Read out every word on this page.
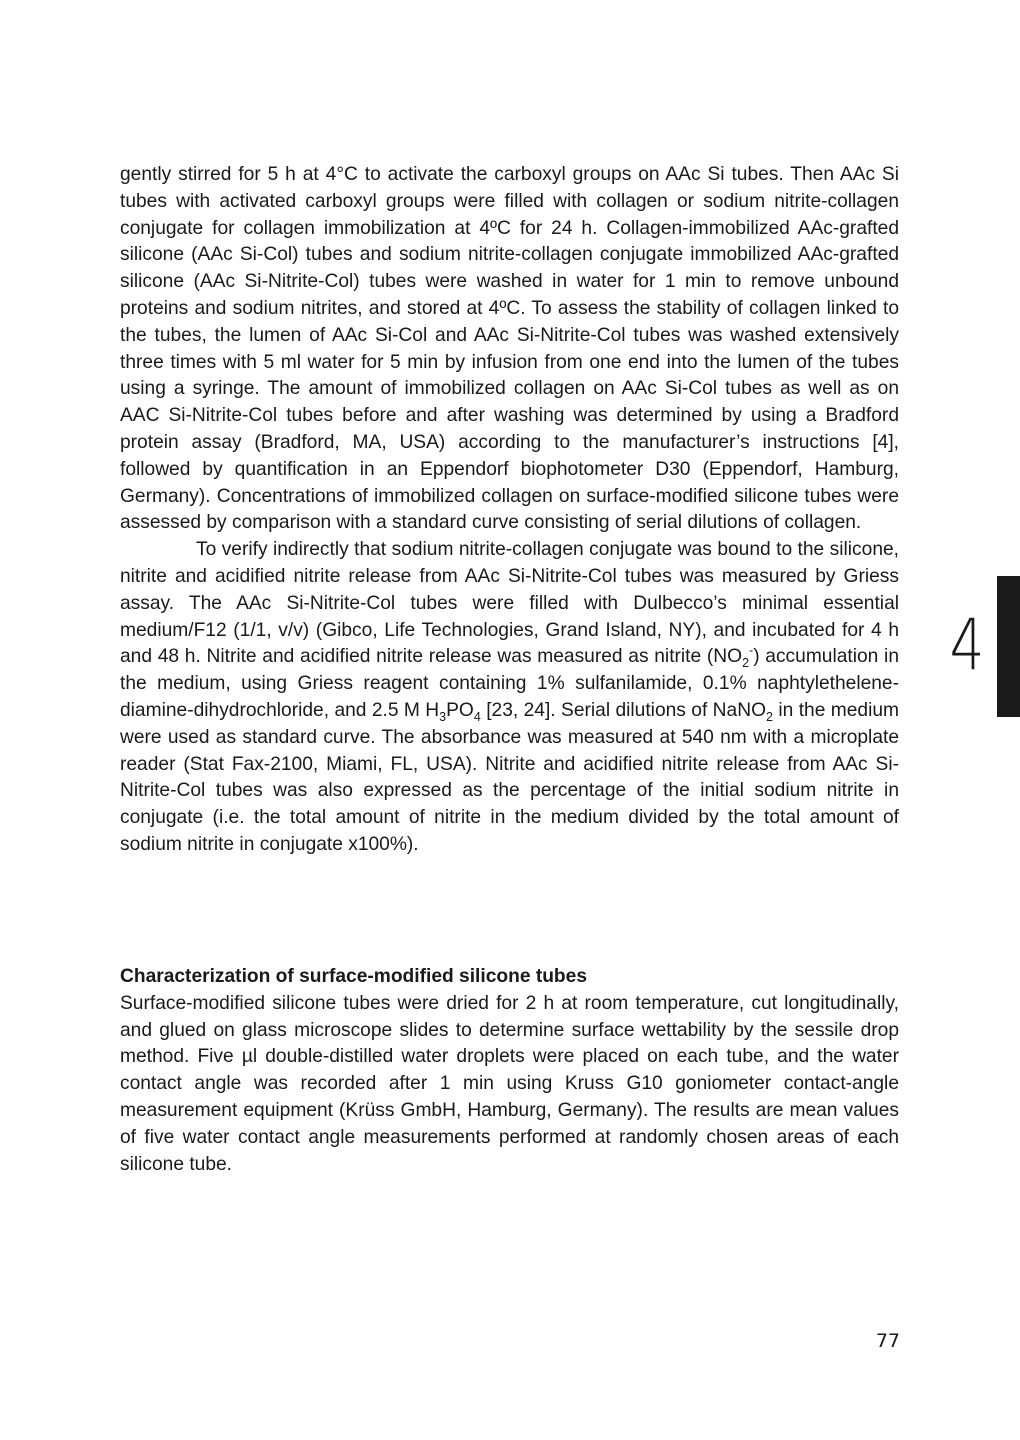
gently stirred for 5 h at 4°C to activate the carboxyl groups on AAc Si tubes. Then AAc Si tubes with activated carboxyl groups were filled with collagen or sodium nitrite-collagen conjugate for collagen immobilization at 4ºC for 24 h. Collagen-immobilized AAc-grafted silicone (AAc Si-Col) tubes and sodium nitrite-collagen conjugate immobilized AAc-grafted silicone (AAc Si-Nitrite-Col) tubes were washed in water for 1 min to remove unbound proteins and sodium nitrites, and stored at 4ºC. To assess the stability of collagen linked to the tubes, the lumen of AAc Si-Col and AAc Si-Nitrite-Col tubes was washed extensively three times with 5 ml water for 5 min by infusion from one end into the lumen of the tubes using a syringe. The amount of immobilized collagen on AAc Si-Col tubes as well as on AAC Si-Nitrite-Col tubes before and after washing was determined by using a Bradford protein assay (Bradford, MA, USA) according to the manufacturer’s instructions [4], followed by quantification in an Eppendorf biophotometer D30 (Eppendorf, Hamburg, Germany). Concentrations of immobilized collagen on surface-modified silicone tubes were assessed by comparison with a standard curve consisting of serial dilutions of collagen.

To verify indirectly that sodium nitrite-collagen conjugate was bound to the silicone, nitrite and acidified nitrite release from AAc Si-Nitrite-Col tubes was measured by Griess assay. The AAc Si-Nitrite-Col tubes were filled with Dulbecco’s minimal essential medium/F12 (1/1, v/v) (Gibco, Life Technologies, Grand Island, NY), and incubated for 4 h and 48 h. Nitrite and acidified nitrite release was measured as nitrite $(NO_2^-)$ accumulation in the medium, using Griess reagent containing 1% sulfanilamide, 0.1% naphtylethelene-diamine-dihydrochloride, and 2.5 M $H_3PO_4$ [23, 24]. Serial dilutions of NaNO$_2$ in the medium were used as standard curve. The absorbance was measured at 540 nm with a microplate reader (Stat Fax-2100, Miami, FL, USA). Nitrite and acidified nitrite release from AAc Si-Nitrite-Col tubes was also expressed as the percentage of the initial sodium nitrite in conjugate (i.e. the total amount of nitrite in the medium divided by the total amount of sodium nitrite in conjugate x100%).

Characterization of surface-modified silicone tubes

Surface-modified silicone tubes were dried for 2 h at room temperature, cut longitudinally, and glued on glass microscope slides to determine surface wettability by the sessile drop method. Five µl double-distilled water droplets were placed on each tube, and the water contact angle was recorded after 1 min using Kruss G10 goniometer contact-angle measurement equipment (Krüss GmbH, Hamburg, Germany). The results are mean values of five water contact angle measurements performed at randomly chosen areas of each silicone tube.

4
77
